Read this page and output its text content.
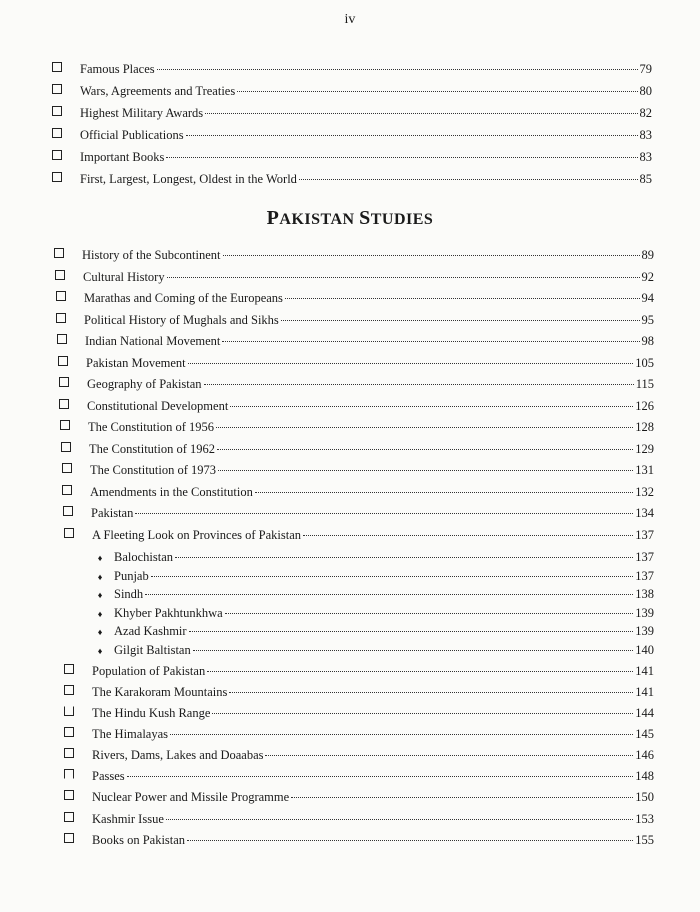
iv
Famous Places	79
Wars, Agreements and Treaties	80
Highest Military Awards	82
Official Publications	83
Important Books	83
First, Largest, Longest, Oldest in the World	85
PAKISTAN STUDIES
History of the Subcontinent	89
Cultural History	92
Marathas and Coming of the Europeans	94
Political History of Mughals and Sikhs	95
Indian National Movement	98
Pakistan Movement	105
Geography of Pakistan	115
Constitutional Development	126
The Constitution of 1956	128
The Constitution of 1962	129
The Constitution of 1973	131
Amendments in the Constitution	132
Pakistan	134
A Fleeting Look on Provinces of Pakistan	137
♦ Balochistan	137
♦ Punjab	137
♦ Sindh	138
♦ Khyber Pakhtunkhwa	139
♦ Azad Kashmir	139
♦ Gilgit Baltistan	140
Population of Pakistan	141
The Karakoram Mountains	141
The Hindu Kush Range	144
The Himalayas	145
Rivers, Dams, Lakes and Doaabas	146
Passes	148
Nuclear Power and Missile Programme	150
Kashmir Issue	153
Books on Pakistan	155
